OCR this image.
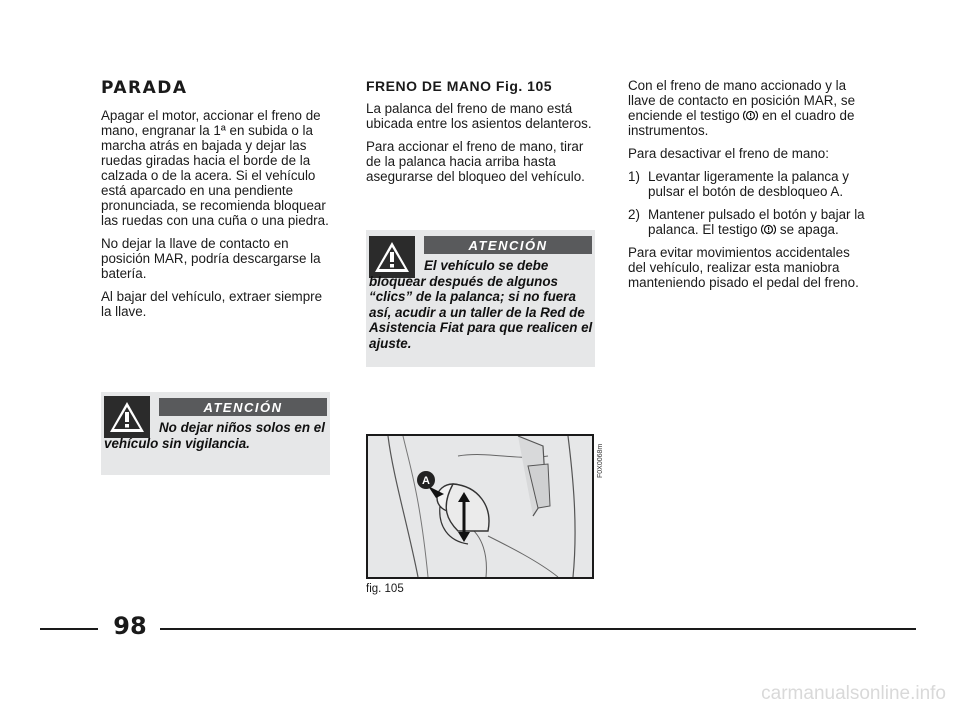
PARADA

Apagar el motor, accionar el freno de mano, engranar la 1ª en subida o la marcha atrás en bajada y dejar las ruedas giradas hacia el borde de la calzada o de la acera. Si el vehículo está aparcado en una pendiente pronunciada, se recomienda bloquear las ruedas con una cuña o una piedra.

No dejar la llave de contacto en posición MAR, podría descargarse la batería.

Al bajar del vehículo, extraer siempre la llave.

ATENCIÓN
No dejar niños solos en el vehículo sin vigilancia.
FRENO DE MANO Fig. 105

La palanca del freno de mano está ubicada entre los asientos delanteros.

Para accionar el freno de mano, tirar de la palanca hacia arriba hasta asegurarse del bloqueo del vehículo.

ATENCIÓN
El vehículo se debe bloquear después de algunos “clics” de la palanca; si no fuera así, acudir a un taller de la Red de Asistencia Fiat para que realicen el ajuste.
A
F0X0068m
fig. 105

Con el freno de mano accionado y la llave de contacto en posición MAR, se enciende el testigo  en el cuadro de instrumentos.

Para desactivar el freno de mano:

1) Levantar ligeramente la palanca y pulsar el botón de desbloqueo A.
2) Mantener pulsado el botón y bajar la palanca. El testigo  se apaga.

Para evitar movimientos accidentales del vehículo, realizar esta maniobra manteniendo pisado el pedal del freno.

98
carmanualsonline.info
